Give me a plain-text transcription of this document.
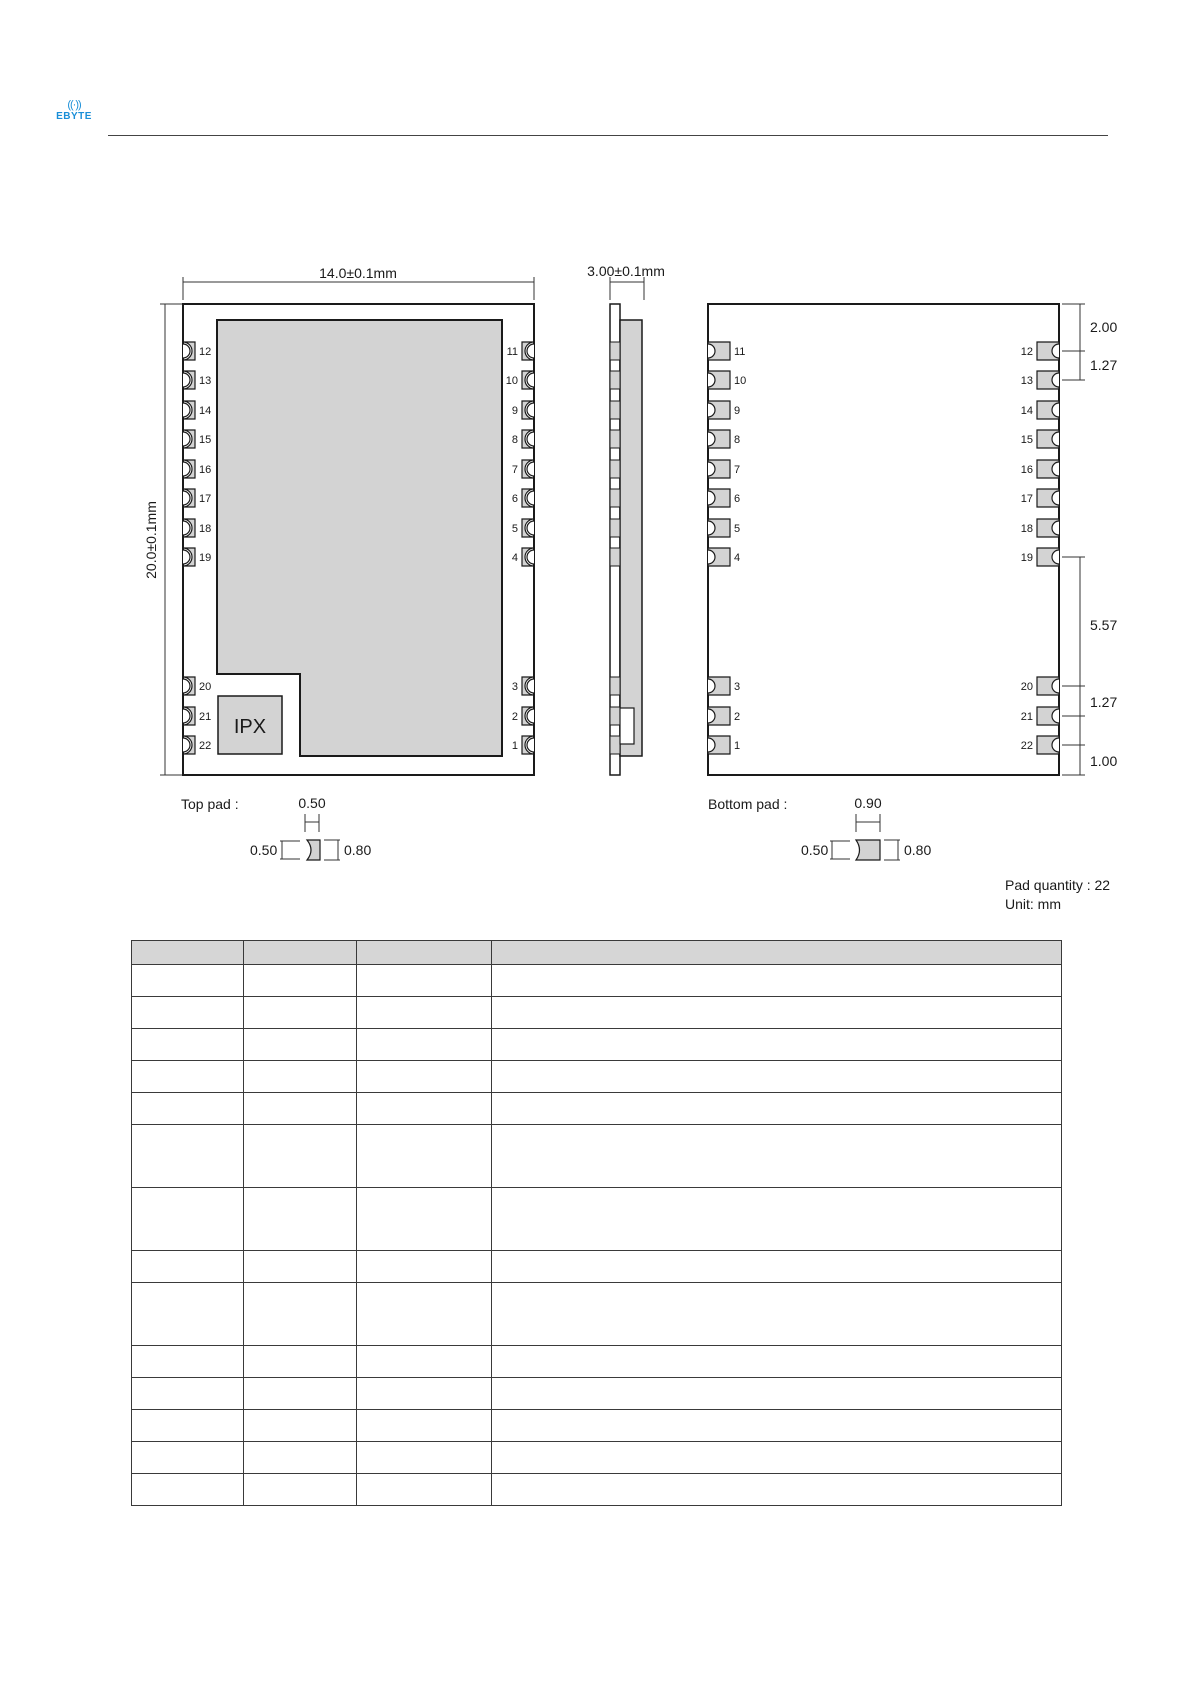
((·))
EBYTE
14.0±0.1mm
20.0±0.1mm
IPX
12
13
14
15
16
17
18
19
20
21
22
11
10
9
8
7
6
5
4
3
2
1
3.00±0.1mm
11
10
9
8
7
6
5
4
3
2
1
12
13
14
15
16
17
18
19
20
21
22
2.00
1.27
5.57
1.27
1.00
Top pad :	0.50
0.50	0.80
Bottom pad :	0.90
0.50	0.80
Pad quantity : 22
Unit: mm
